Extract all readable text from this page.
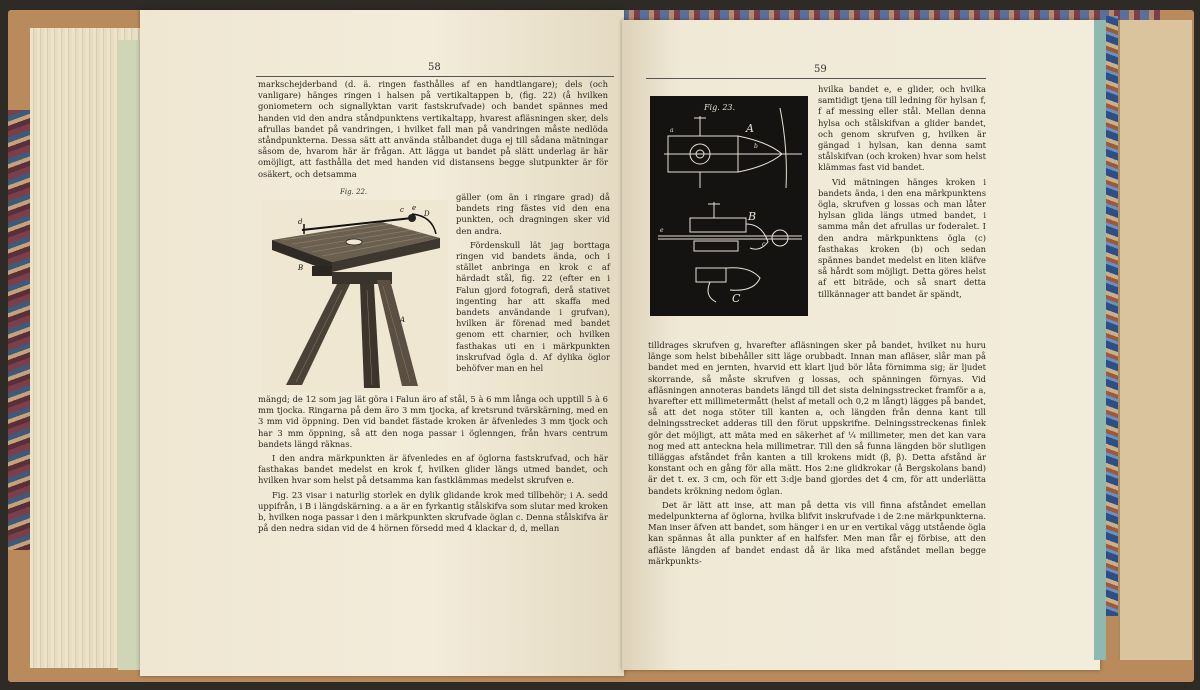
58

markschejderband (d. ä. ringen fasthålles af en handtlangare); dels (och vanligare) hänges ringen i halsen på vertikaltappen b, (fig. 22) (å hvilken goniometern och signallyktan varit fastskrufvade) och bandet spännes med handen vid den andra ståndpunktens vertikaltapp, hvarest afläsningen sker, dels afrullas bandet på vandringen, i hvilket fall man på vandringen måste nedlöda ståndpunkterna. Dessa sätt att använda stålbandet duga ej till sådana mätningar såsom de, hvarom här är frågan. Att lägga ut bandet på slätt underlag är här omöjligt, att fasthålla det med handen vid distansens begge slutpunkter är för osäkert, och detsamma

Fig. 22.
d
c e
D
B
A

gäller (om än i ringare grad) då bandets ring fästes vid den ena punkten, och dragningen sker vid den andra.

Fördenskull lät jag borttaga ringen vid bandets ända, och i stället anbringa en krok c af härdadt stål, fig. 22 (efter en i Falun gjord fotografi, derå stativet ingenting har att skaffa med bandets användande i grufvan), hvilken är förenad med bandet genom ett charnier, och hvilken fasthakas uti en i märkpunkten inskrufvad ögla d. Af dylika öglor behöfver man en hel

mängd; de 12 som jag lät göra i Falun äro af stål, 5 à 6 mm långa och upptill 5 à 6 mm tjocka. Ringarna på dem äro 3 mm tjocka, af kretsrund tvärskärning, med en 3 mm vid öppning. Den vid bandet fästade kroken är äfvenledes 3 mm tjock och har 3 mm öppning, så att den noga passar i öglenngen, från hvars centrum bandets längd räknas.

I den andra märkpunkten är äfvenledes en af öglorna fastskrufvad, och här fasthakas bandet medelst en krok f, hvilken glider längs utmed bandet, och hvilken hvar som helst på detsamma kan fastklämmas medelst skrufven e.

Fig. 23 visar i naturlig storlek en dylik glidande krok med tillbehör; i A. sedd uppifrån, i B i längdskärning. a a är en fyrkantig stålskifva som slutar med kroken b, hvilken noga passar i den i märkpunkten skrufvade öglan c. Denna stålskifva är på den nedra sidan vid de 4 hörnen försedd med 4 klackar d, d, mellan

59
Fig. 23.
A
B
C
b
a
c
e

hvilka bandet e, e glider, och hvilka samtidigt tjena till ledning för hylsan f, f af messing eller stål. Mellan denna hylsa och stålskifvan a glider bandet, och genom skrufven g, hvilken är gängad i hylsan, kan denna samt stålskifvan (och kroken) hvar som helst klämmas fast vid bandet.

Vid mätningen hänges kroken i bandets ända, i den ena märkpunktens ögla, skrufven g lossas och man låter hylsan glida längs utmed bandet, i samma mån det afrullas ur foderalet. I den andra märkpunktens ögla (c) fasthakas kroken (b) och sedan spännes bandet medelst en liten kläfve så hårdt som möjligt. Detta göres helst af ett biträde, och så snart detta tillkännager att bandet är spändt,

tilldrages skrufven g, hvarefter afläsningen sker på bandet, hvilket nu huru länge som helst bibehåller sitt läge orubbadt. Innan man afläser, slår man på bandet med en jernten, hvarvid ett klart ljud bör låta förnimma sig; är ljudet skorrande, så måste skrufven g lossas, och spänningen förnyas. Vid afläsningen annoteras bandets längd till det sista delningsstrecket framför a a, hvarefter ett millimetermått (helst af metall och 0,2 m långt) lägges på bandet, så att det noga stöter till kanten a, och längden från denna kant till delningsstrecket adderas till den förut uppskrifne. Delningsstreckenas finlek gör det möjligt, att mäta med en säkerhet af ¼ millimeter, men det kan vara nog med att anteckna hela millimetrar. Till den så funna längden bör slutligen tilläggas afståndet från kanten a till krokens midt (β, β). Detta afstånd är konstant och en gång för alla mätt. Hos 2:ne glidkrokar (å Bergskolans band) är det t. ex. 3 cm, och för ett 3:dje band gjordes det 4 cm, för att underlätta bandets krökning nedom öglan.

Det är lätt att inse, att man på detta vis vill finna afståndet emellan medelpunkterna af öglorna, hvilka blifvit inskrufvade i de 2:ne märkpunkterna. Man inser äfven att bandet, som hänger i en ur en vertikal vägg utstående ögla kan spännas åt alla punkter af en halfsfer. Men man får ej förbise, att den afläste längden af bandet endast då är lika med afståndet mellan begge märkpunkts-
